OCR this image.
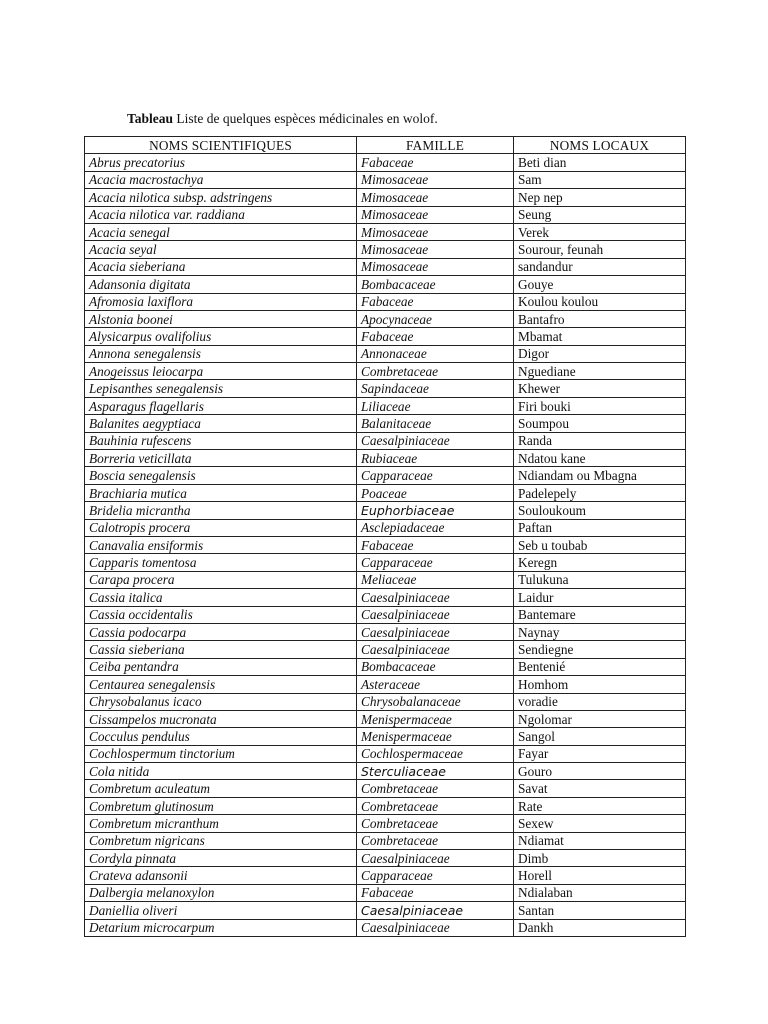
Tableau Liste de quelques espèces médicinales en wolof.
NOMS SCIENTIFIQUES	FAMILLE	NOMS LOCAUX
Abrus precatorius	Fabaceae	Beti dian
Acacia macrostachya	Mimosaceae	Sam
Acacia nilotica subsp. adstringens	Mimosaceae	Nep nep
Acacia nilotica var. raddiana	Mimosaceae	Seung
Acacia senegal	Mimosaceae	Verek
Acacia seyal	Mimosaceae	Sourour, feunah
Acacia sieberiana	Mimosaceae	sandandur
Adansonia digitata	Bombacaceae	Gouye
Afromosia laxiflora	Fabaceae	Koulou koulou
Alstonia boonei	Apocynaceae	Bantafro
Alysicarpus ovalifolius	Fabaceae	Mbamat
Annona senegalensis	Annonaceae	Digor
Anogeissus leiocarpa	Combretaceae	Nguediane
Lepisanthes senegalensis	Sapindaceae	Khewer
Asparagus flagellaris	Liliaceae	Firi bouki
Balanites aegyptiaca	Balanitaceae	Soumpou
Bauhinia rufescens	Caesalpiniaceae	Randa
Borreria veticillata	Rubiaceae	Ndatou kane
Boscia senegalensis	Capparaceae	Ndiandam ou Mbagna
Brachiaria mutica	Poaceae	Padelepely
Bridelia micrantha	Euphorbiaceae	Souloukoum
Calotropis procera	Asclepiadaceae	Paftan
Canavalia ensiformis	Fabaceae	Seb u toubab
Capparis tomentosa	Capparaceae	Keregn
Carapa procera	Meliaceae	Tulukuna
Cassia italica	Caesalpiniaceae	Laidur
Cassia occidentalis	Caesalpiniaceae	Bantemare
Cassia podocarpa	Caesalpiniaceae	Naynay
Cassia sieberiana	Caesalpiniaceae	Sendiegne
Ceiba pentandra	Bombacaceae	Bentenié
Centaurea senegalensis	Asteraceae	Homhom
Chrysobalanus icaco	Chrysobalanaceae	voradie
Cissampelos mucronata	Menispermaceae	Ngolomar
Cocculus pendulus	Menispermaceae	Sangol
Cochlospermum tinctorium	Cochlospermaceae	Fayar
Cola nitida	Sterculiaceae	Gouro
Combretum aculeatum	Combretaceae	Savat
Combretum glutinosum	Combretaceae	Rate
Combretum micranthum	Combretaceae	Sexew
Combretum nigricans	Combretaceae	Ndiamat
Cordyla pinnata	Caesalpiniaceae	Dimb
Crateva adansonii	Capparaceae	Horell
Dalbergia melanoxylon	Fabaceae	Ndialaban
Daniellia oliveri	Caesalpiniaceae	Santan
Detarium microcarpum	Caesalpiniaceae	Dankh
